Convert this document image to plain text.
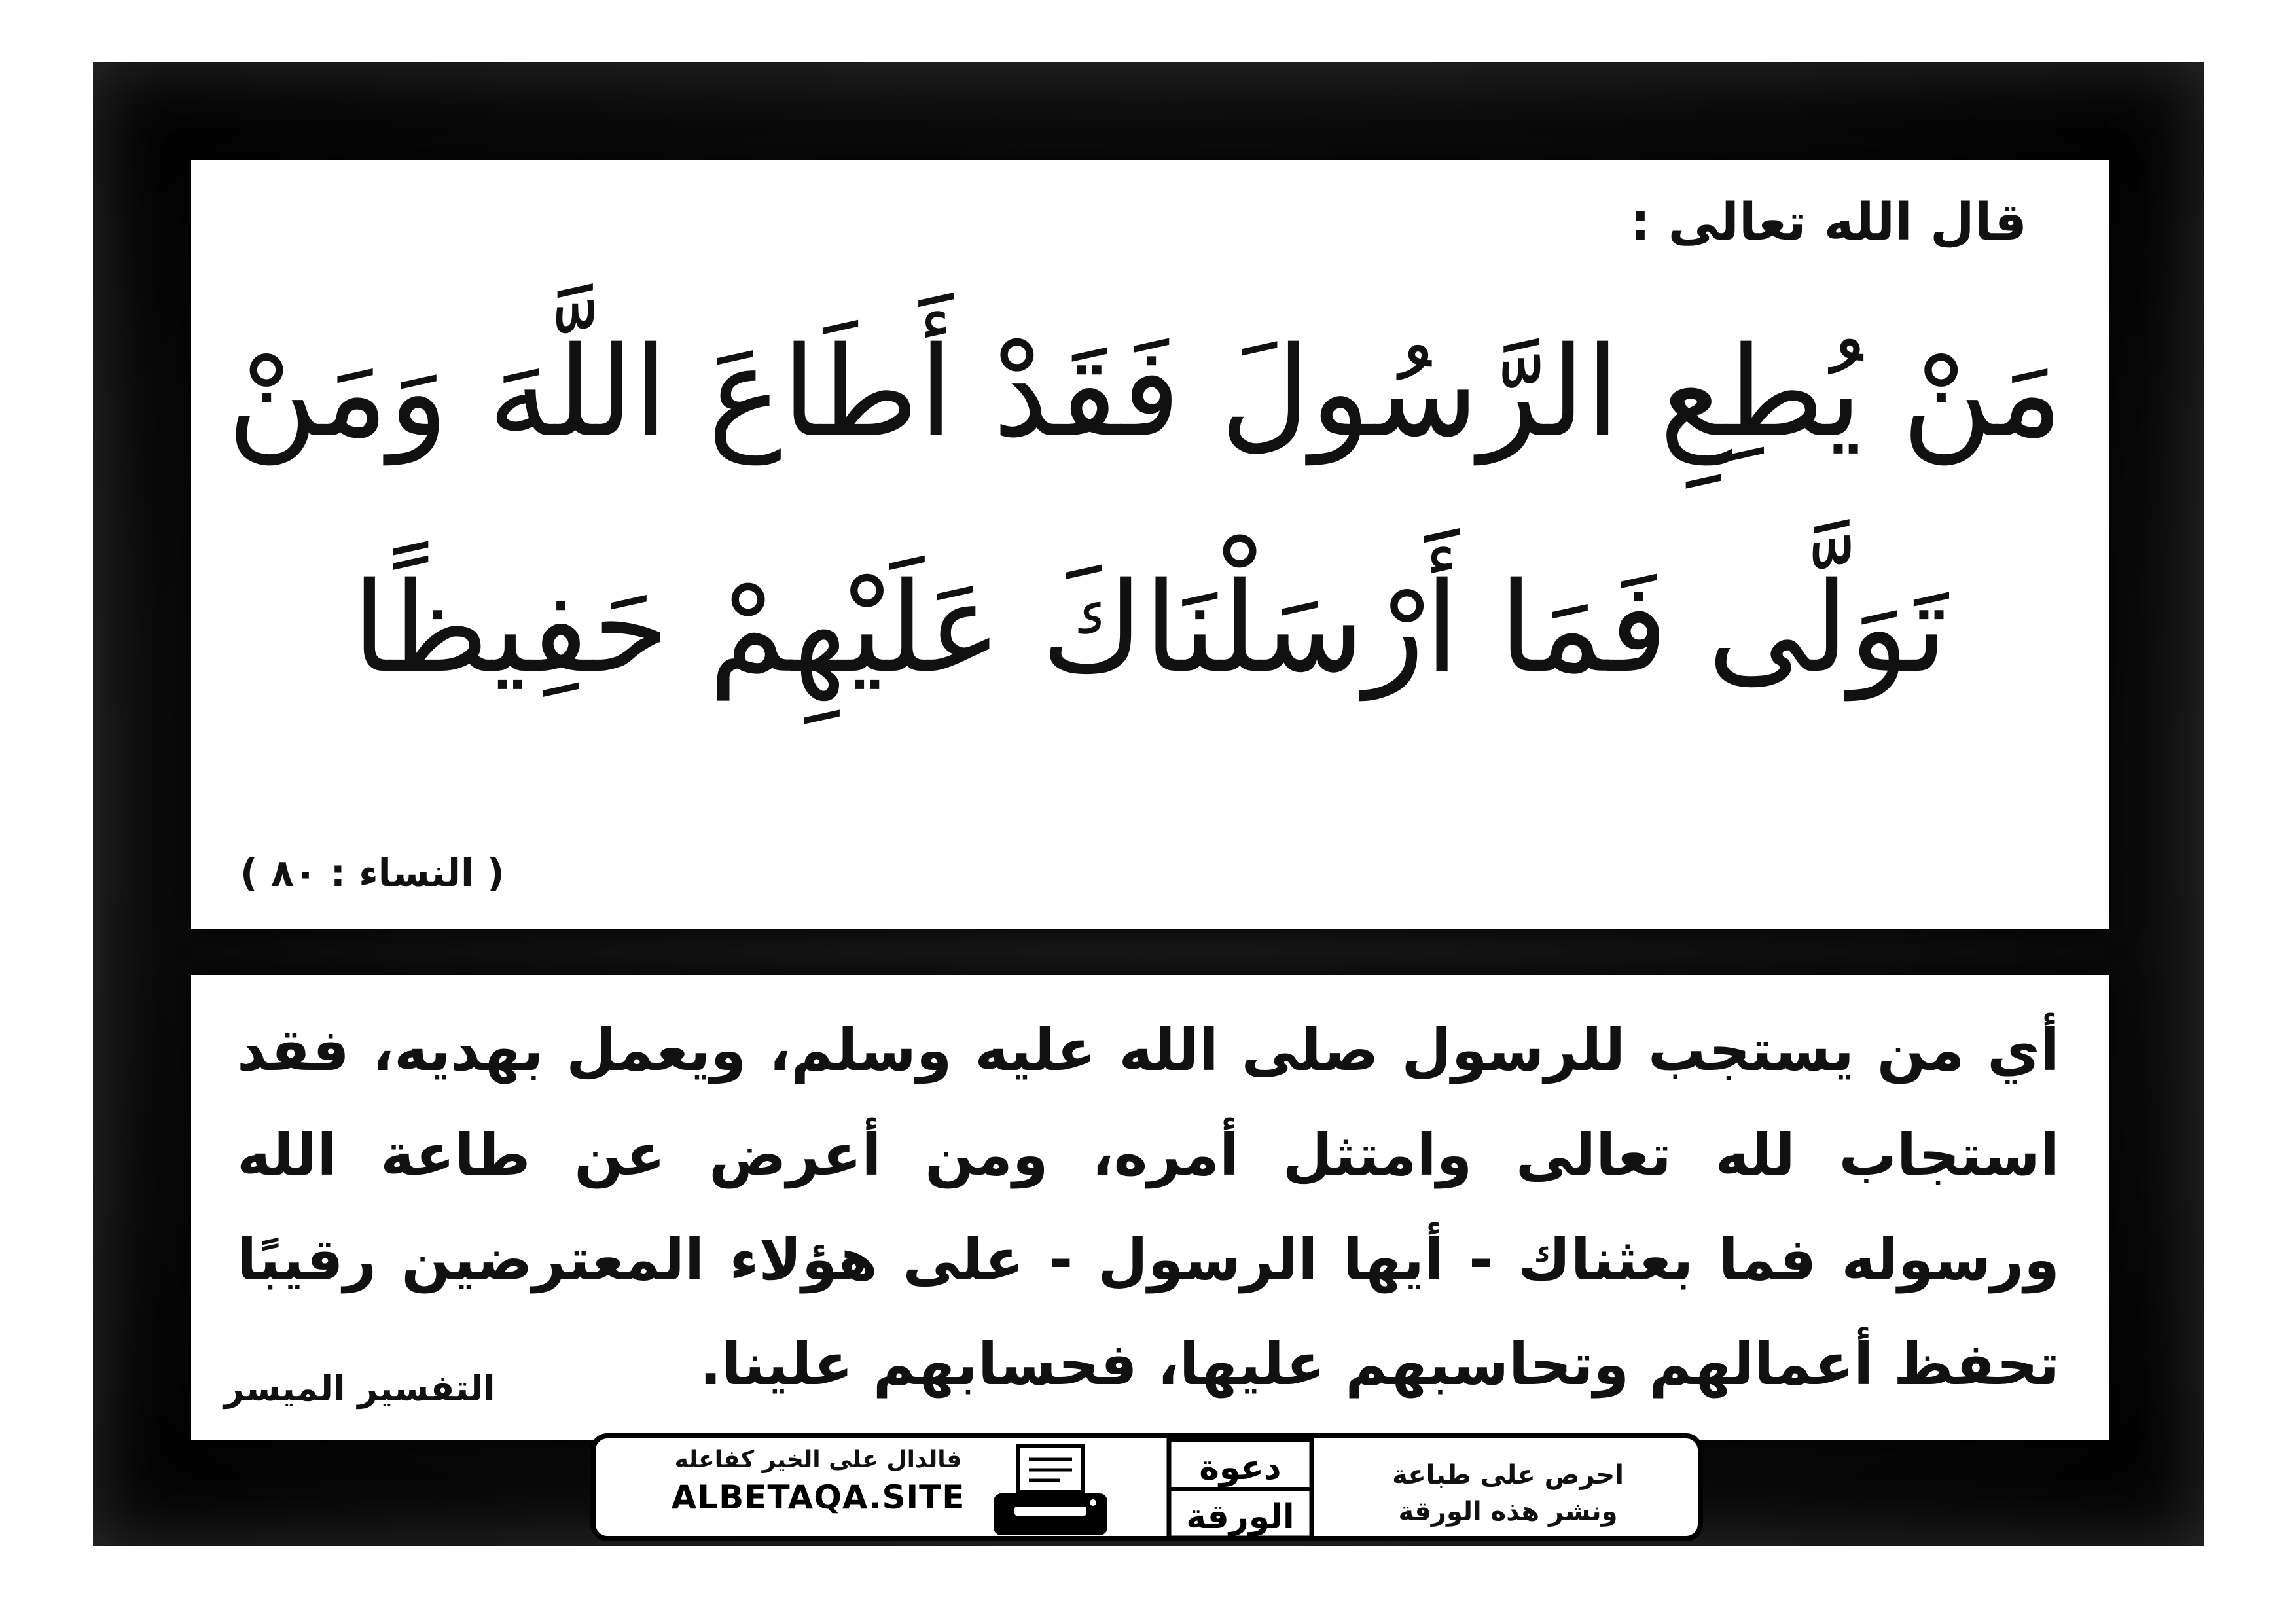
قال الله تعالى :
مَنْ يُطِعِ الرَّسُولَ فَقَدْ أَطَاعَ اللَّهَ وَمَنْ
تَوَلَّى فَمَا أَرْسَلْنَاكَ عَلَيْهِمْ حَفِيظًا
( النساء : ٨٠ )
أي من يستجب للرسول صلى الله عليه وسلم، ويعمل بهديه، فقد استجاب لله تعالى وامتثل أمره، ومن أعرض عن طاعة الله ورسوله فما بعثناك - أيها الرسول - على هؤلاء المعترضين رقيبًا تحفظ أعمالهم وتحاسبهم عليها، فحسابهم علينا.
التفسير الميسر
فالدال على الخير كفاعله
ALBETAQA.SITE
دعوة
الورقة
احرص على طباعة
ونشر هذه الورقة
